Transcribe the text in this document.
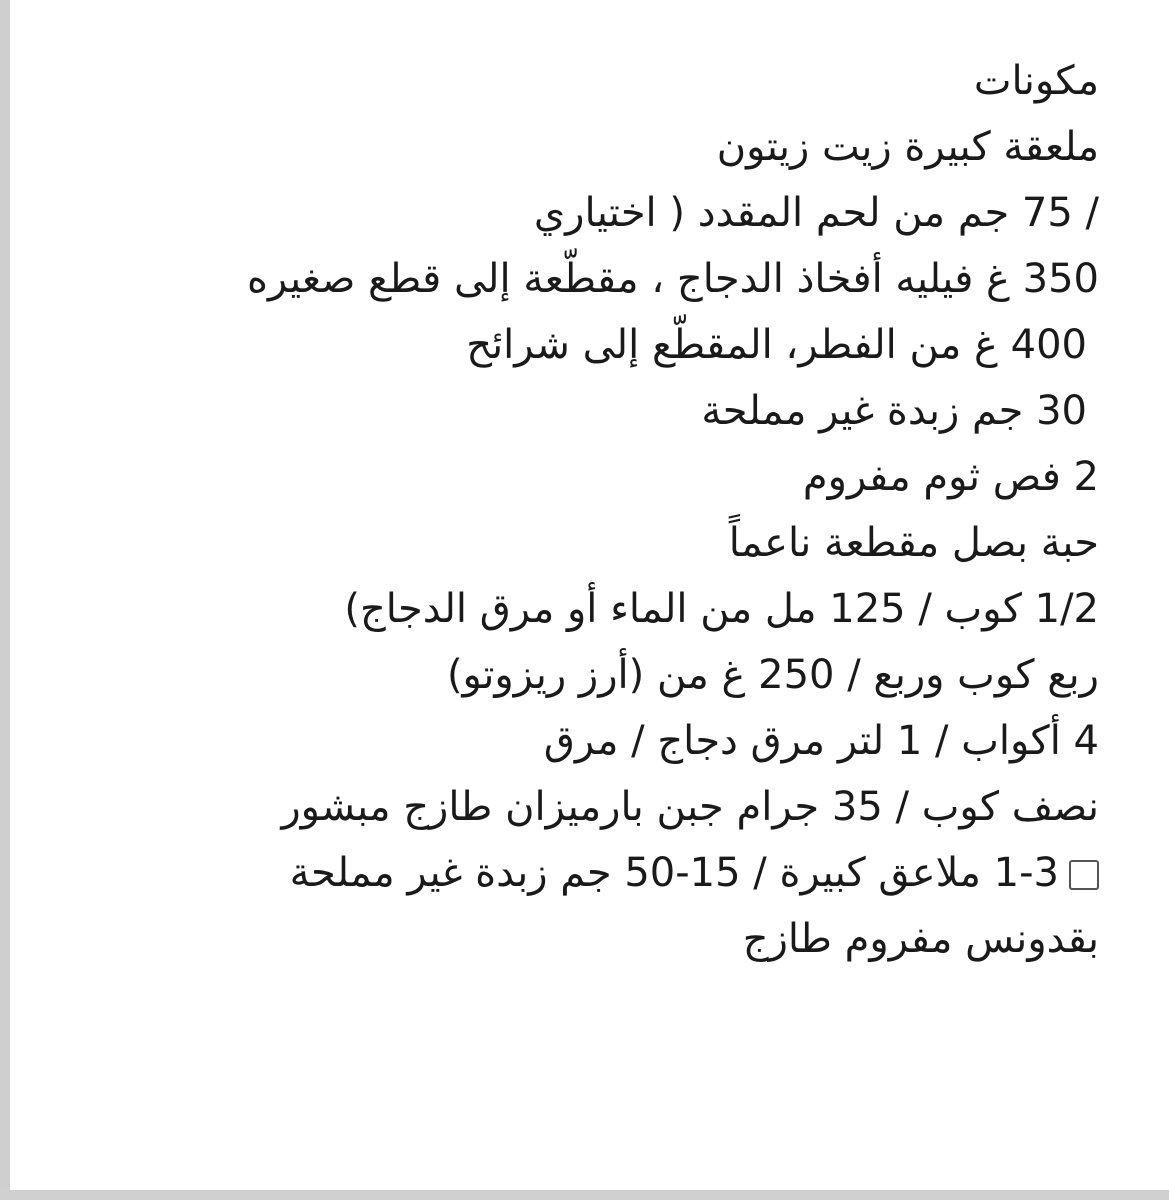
مكونات
ملعقة كبيرة زيت زيتون
/ 75 جم من لحم المقدد ( اختياري
350 غ فيليه أفخاذ الدجاج ، مقطّعة إلى قطع صغيره
400 غ من الفطر، المقطّع إلى شرائح
30 جم زبدة غير مملحة
2 فص ثوم مفروم
حبة بصل مقطعة ناعماً
1/2 كوب / 125 مل من الماء أو مرق الدجاج)
ربع كوب وربع / 250 غ من (أرز ريزوتو)
4 أكواب / 1 لتر مرق دجاج / مرق
نصف كوب / 35 جرام جبن بارميزان طازج مبشور
1-3 ملاعق كبيرة / 15-50 جم زبدة غير مملحة
بقدونس مفروم طازج
